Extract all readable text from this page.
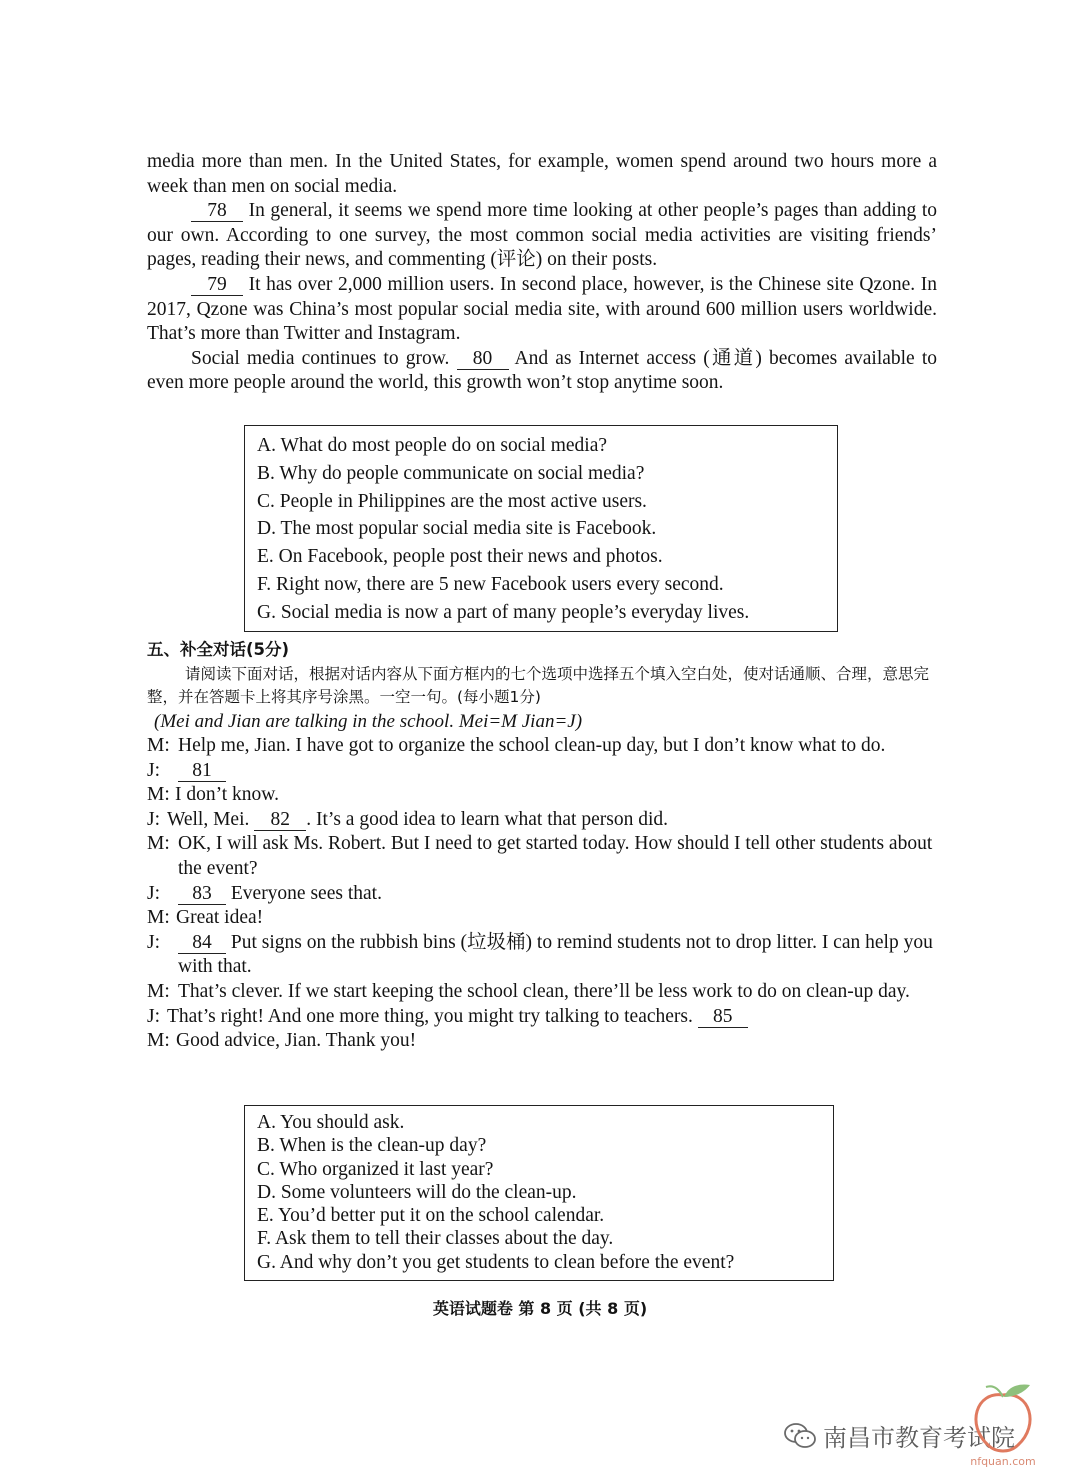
media more than men. In the United States, for example, women spend around two hours more a week than men on social media.

78 In general, it seems we spend more time looking at other people’s pages than adding to our own. According to one survey, the most common social media activities are visiting friends’ pages, reading their news, and commenting (评论) on their posts.

79 It has over 2,000 million users. In second place, however, is the Chinese site Qzone. In 2017, Qzone was China’s most popular social media site, with around 600 million users worldwide. That’s more than Twitter and Instagram.

Social media continues to grow. 80 And as Internet access (通道) becomes available to even more people around the world, this growth won’t stop anytime soon.

A. What do most people do on social media?

B. Why do people communicate on social media?

C. People in Philippines are the most active users.

D. The most popular social media site is Facebook.

E. On Facebook, people post their news and photos.

F. Right now, there are 5 new Facebook users every second.

G. Social media is now a part of many people’s everyday lives.

五、补全对话(5分)

请阅读下面对话，根据对话内容从下面方框内的七个选项中选择五个填入空白处，使对话通顺、合理，意思完整，并在答题卡上将其序号涂黑。一空一句。(每小题1分)

(Mei and Jian are talking in the school. Mei=M Jian=J)
M: Help me, Jian. I have got to organize the school clean-up day, but I don’t know what to do.
J:	81
M: I don’t know.
J: Well, Mei. 82 . It’s a good idea to learn what that person did.
M: OK, I will ask Ms. Robert. But I need to get started today. How should I tell other students about the event?
J:	83 Everyone sees that.
M: Great idea!
J:	84 Put signs on the rubbish bins (垃圾桶) to remind students not to drop litter. I can help you with that.
M: That’s clever. If we start keeping the school clean, there’ll be less work to do on clean-up day.
J: That’s right! And one more thing, you might try talking to teachers. 85
M: Good advice, Jian. Thank you!

A. You should ask.

B. When is the clean-up day?

C. Who organized it last year?

D. Some volunteers will do the clean-up.

E. You’d better put it on the school calendar.

F. Ask them to tell their classes about the day.

G. And why don’t you get students to clean before the event?

英语试题卷 第 8 页 (共 8 页)
南昌市教育考试院
nfquan.com
